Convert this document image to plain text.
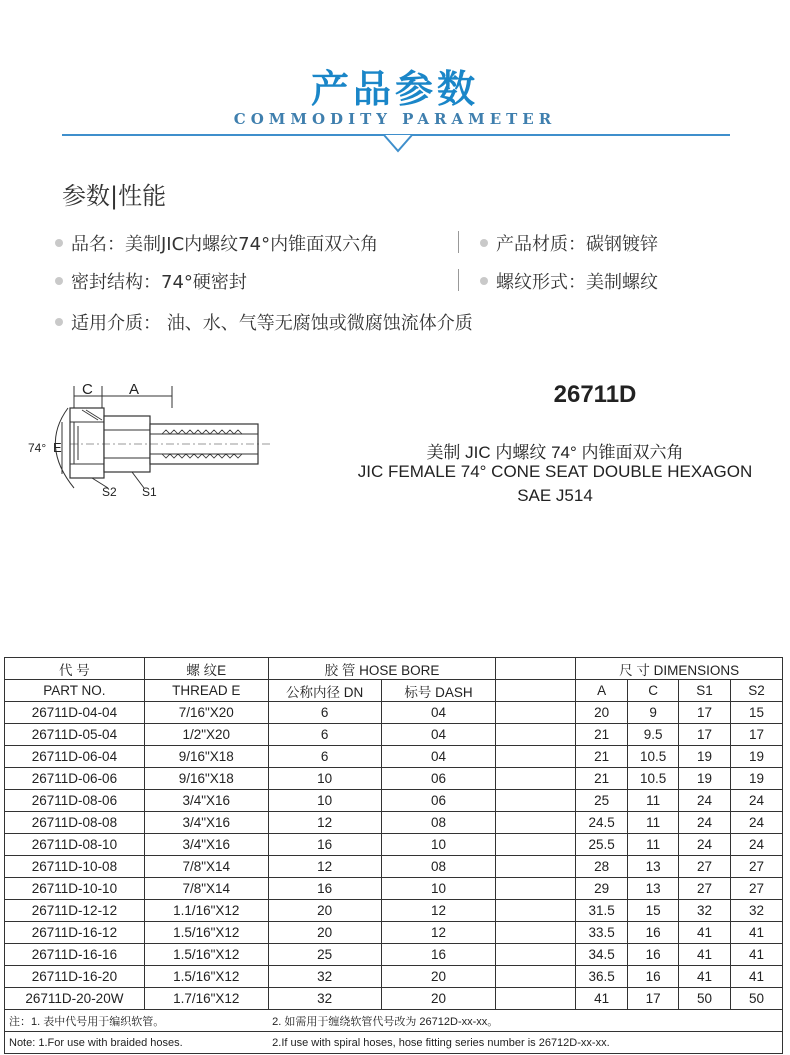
产品参数
COMMODITY PARAMETER
参数|性能
品名：美制JIC内螺纹74°内锥面双六角	产品材质：碳钢镀锌
密封结构：74°硬密封	螺纹形式：美制螺纹
适用介质： 油、水、气等无腐蚀或微腐蚀流体介质
C A
74° E
S2 S1
26711D
美制 JIC 内螺纹 74° 内锥面双六角
JIC FEMALE 74° CONE SEAT DOUBLE HEXAGON
SAE J514
代 号	螺 纹E	胶 管 HOSE BORE			尺 寸 DIMENSIONS			
PART NO.	THREAD E	公称内径 DN	标号 DASH		A	C	S1	S2
26711D-04-04	7/16"X20	6	04		20	9	17	15
26711D-05-04	1/2"X20	6	04		21	9.5	17	17
26711D-06-04	9/16"X18	6	04		21	10.5	19	19
26711D-06-06	9/16"X18	10	06		21	10.5	19	19
26711D-08-06	3/4"X16	10	06		25	11	24	24
26711D-08-08	3/4"X16	12	08		24.5	11	24	24
26711D-08-10	3/4"X16	16	10		25.5	11	24	24
26711D-10-08	7/8"X14	12	08		28	13	27	27
26711D-10-10	7/8"X14	16	10		29	13	27	27
26711D-12-12	1.1/16"X12	20	12		31.5	15	32	32
26711D-16-12	1.5/16"X12	20	12		33.5	16	41	41
26711D-16-16	1.5/16"X12	25	16		34.5	16	41	41
26711D-16-20	1.5/16"X12	32	20		36.5	16	41	41
26711D-20-20W	1.7/16"X12	32	20		41	17	50	50
注：1. 表中代号用于编织软管。		2. 如需用于缠绕软管代号改为 26712D-xx-xx。						
Note: 1.For use with braided hoses.		2.If use with spiral hoses, hose fitting series number is 26712D-xx-xx.						
